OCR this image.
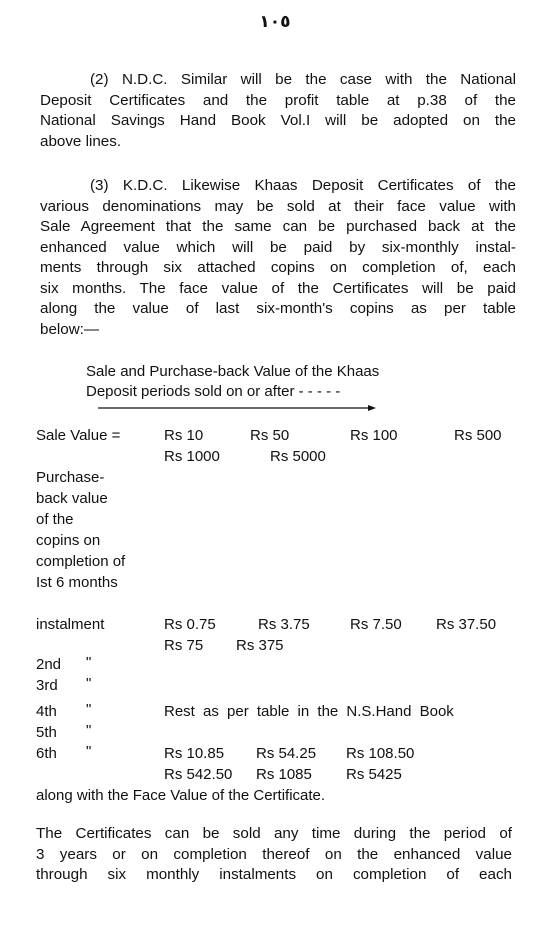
١٠٥
(2) N.D.C. Similar will be the case with the National
Deposit Certificates and the profit table at p.38 of the
National Savings Hand Book Vol.I will be adopted on the
above lines.
(3) K.D.C. Likewise Khaas Deposit Certificates of the
various denominations may be sold at their face value with
Sale Agreement that the same can be purchased back at the
enhanced value which will be paid by six-monthly instal-
ments through six attached copins on completion of, each
six months. The face value of the Certificates will be paid
along the value of last six-month's copins as per table
below:—
Sale and Purchase-back Value of the Khaas
Deposit periods sold on or after - - - - -
Sale Value =	Rs 10	Rs 50	Rs 100	Rs 500
Rs 1000	Rs 5000
Purchase-
back value
of the
copins on
completion of
Ist 6 months
instalment	Rs 0.75	Rs 3.75	Rs 7.50 Rs 37.50
Rs 75 Rs 375
2nd "
3rd "
4th "	Rest as per table in the N.S.Hand Book
5th "
6th "	Rs 10.85 Rs 54.25 Rs 108.50
Rs 542.50 Rs 1085 Rs 5425
along with the Face Value of the Certificate.
The Certificates can be sold any time during the period of
3 years or on completion thereof on the enhanced value
through six monthly instalments on completion of each
